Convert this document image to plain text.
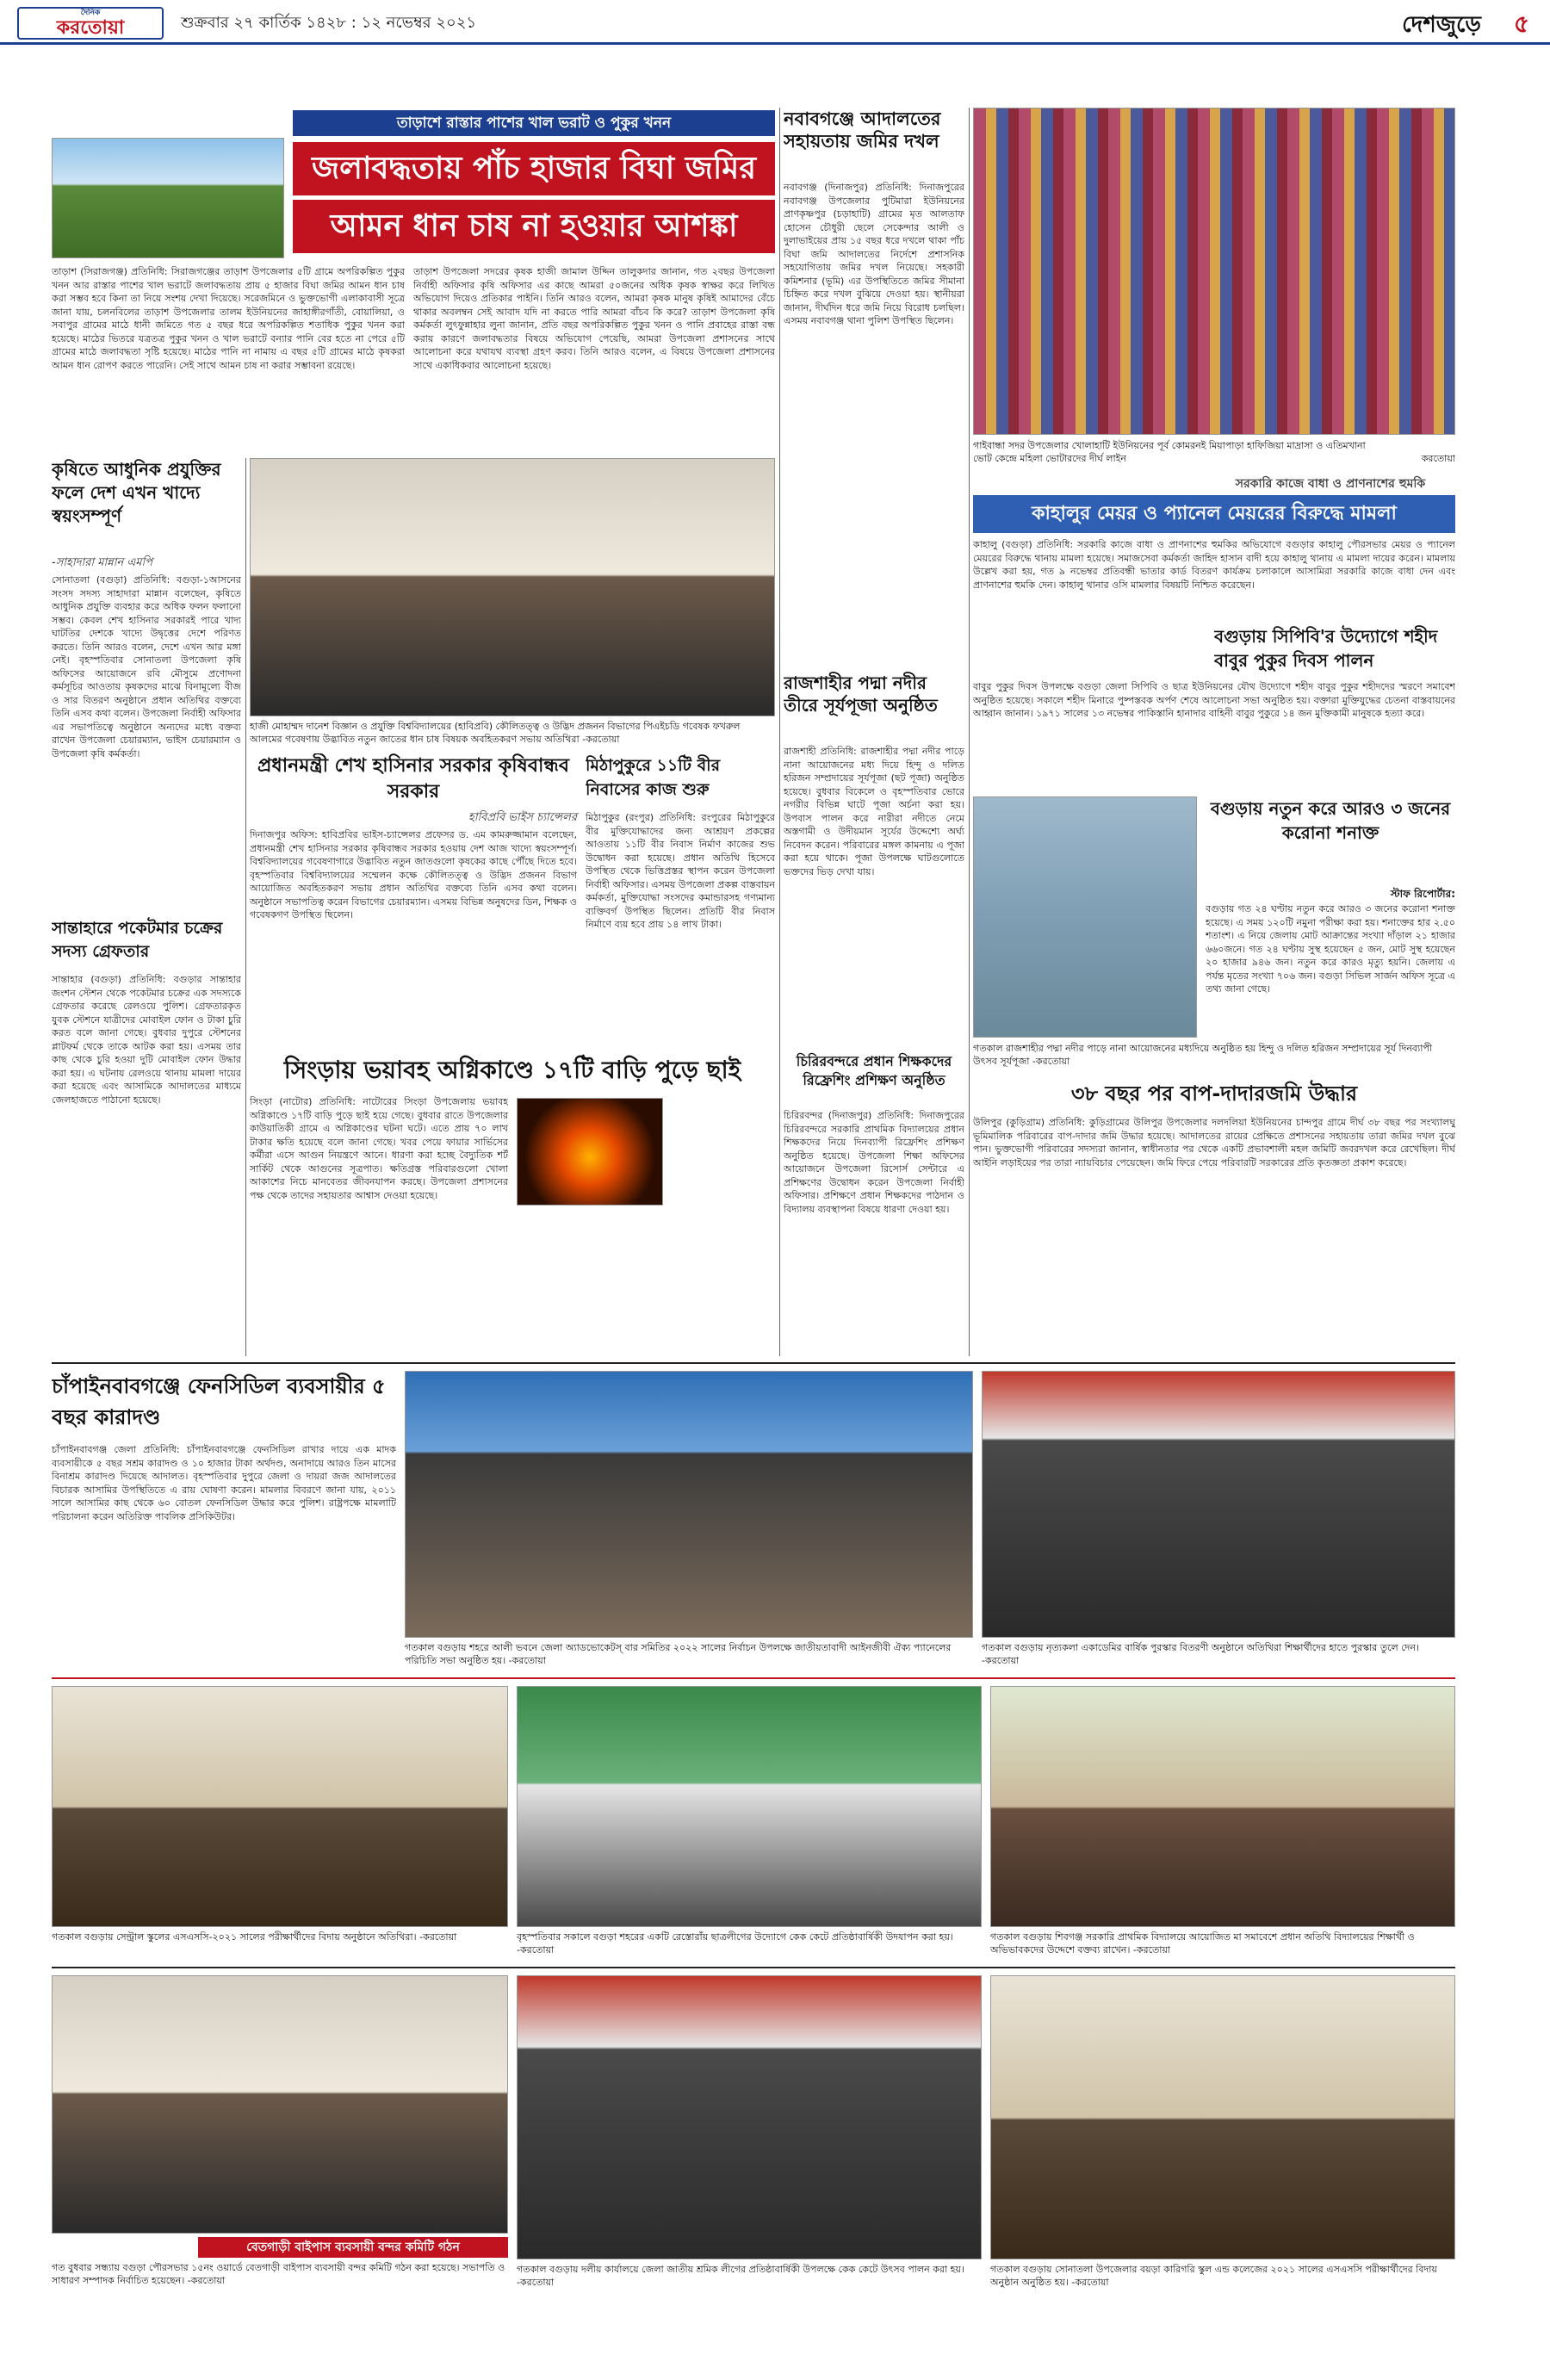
দৈনিক
করতোয়া	শুক্রবার ২৭ কার্তিক ১৪২৮ : ১২ নভেম্বর ২০২১	দেশজুড়ে ৫
তাড়াশে রাস্তার পাশের খাল ভরাট ও পুকুর খনন
জলাবদ্ধতায় পাঁচ হাজার বিঘা জমির
আমন ধান চাষ না হওয়ার আশঙ্কা
তাড়াশ (সিরাজগঞ্জ) প্রতিনিধি: সিরাজগঞ্জের তাড়াশ উপজেলার ৫টি গ্রামে অপরিকল্পিত পুকুর খনন আর রাস্তার পাশের খাল ভরাটে জলাবদ্ধতায় প্রায় ৫ হাজার বিঘা জমির আমন ধান চাষ করা সম্ভব হবে কিনা তা নিয়ে সংশয় দেখা দিয়েছে। সরেজমিনে ও ভুক্তভোগী এলাকাবাসী সূত্রে জানা যায়, চলনবিলের তাড়াশ উপজেলার তালম ইউনিয়নের জাহাঙ্গীরগাঁতী, বোয়ালিয়া, ও সবাপুর গ্রামের মাঠে ধানী জমিতে গত ৫ বছর ধরে অপরিকল্পিত শতাধিক পুকুর খনন করা হয়েছে। মাঠের ভিতরে যত্রতত্র পুকুর খনন ও খাল ভরাটে বন্যার পানি বের হতে না পেরে ৫টি গ্রামের মাঠে জলাবদ্ধতা সৃষ্টি হয়েছে। মাঠের পানি না নামায় এ বছর ৫টি গ্রামের মাঠে কৃষকরা আমন ধান রোপণ করতে পারেনি। সেই সাথে আমন চাষ না করার সম্ভাবনা রয়েছে।
তাড়াশ উপজেলা সদরের কৃষক হাজী জামাল উদ্দিন তালুকদার জানান, গত ২বছর উপজেলা নির্বাহী অফিসার কৃষি অফিসার এর কাছে আমরা ৫০জনের অধিক কৃষক স্বাক্ষর করে লিখিত অভিযোগ দিয়েও প্রতিকার পাইনি। তিনি আরও বলেন, আমরা কৃষক মানুষ কৃষিই আমাদের বেঁচে থাকার অবলম্বন সেই আবাদ যদি না করতে পারি আমরা বাঁচব কি করে? তাড়াশ উপজেলা কৃষি কর্মকর্তা লুৎফুন্নাহার লুনা জানান, প্রতি বছর অপরিকল্পিত পুকুর খনন ও পানি প্রবাহের রাস্তা বন্ধ করায় কারণে জলাবদ্ধতার বিষয়ে অভিযোগ পেয়েছি, আমরা উপজেলা প্রশাসনের সাথে আলোচনা করে যথাযথ ব্যবস্থা গ্রহণ করব। তিনি আরও বলেন, এ বিষয়ে উপজেলা প্রশাসনের সাথে একাধিকবার আলোচনা হয়েছে।
নবাবগঞ্জে আদালতের সহায়তায় জমির দখল
নবাবগঞ্জ (দিনাজপুর) প্রতিনিধি: দিনাজপুরের নবাবগঞ্জ উপজেলার পুটিমারা ইউনিয়নের প্রাণকৃষ্ণপুর (চড়াহাটি) গ্রামের মৃত আলতাফ হোসেন চৌধুরী ছেলে সেকেন্দার আলী ও দুলাভাইয়ের প্রায় ১৫ বছর ধরে দখলে থাকা পাঁচ বিঘা জমি আদালতের নির্দেশে প্রশাসনিক সহযোগিতায় জমির দখল নিয়েছে। সহকারী কমিশনার (ভূমি) এর উপস্থিতিতে জমির সীমানা চিহ্নিত করে দখল বুঝিয়ে দেওয়া হয়। স্থানীয়রা জানান, দীর্ঘদিন ধরে জমি নিয়ে বিরোধ চলছিল। এসময় নবাবগঞ্জ থানা পুলিশ উপস্থিত ছিলেন।
গাইবান্ধা সদর উপজেলার খোলাহাটি ইউনিয়নের পূর্ব কোমরনই মিয়াপাড়া হাফিজিয়া মাদ্রাসা ও এতিমখানা ভোট কেন্দ্রে মহিলা ভোটারদের দীর্ঘ লাইন	করতোয়া
সরকারি কাজে বাধা ও প্রাণনাশের হুমকি
কাহালুর মেয়র ও প্যানেল মেয়রের বিরুদ্ধে মামলা
কাহালু (বগুড়া) প্রতিনিধি: সরকারি কাজে বাধা ও প্রাণনাশের হুমকির অভিযোগে বগুড়ার কাহালু পৌরসভার মেয়র ও প্যানেল মেয়রের বিরুদ্ধে থানায় মামলা হয়েছে। সমাজসেবা কর্মকর্তা জাহিদ হাসান বাদী হয়ে কাহালু থানায় এ মামলা দায়ের করেন। মামলায় উল্লেখ করা হয়, গত ৯ নভেম্বর প্রতিবন্ধী ভাতার কার্ড বিতরণ কার্যক্রম চলাকালে আসামিরা সরকারি কাজে বাধা দেন এবং প্রাণনাশের হুমকি দেন। কাহালু থানার ওসি মামলার বিষয়টি নিশ্চিত করেছেন।
বগুড়ায় সিপিবি'র উদ্যোগে শহীদ বাবুর পুকুর দিবস পালন
বাবুর পুকুর দিবস উপলক্ষে বগুড়া জেলা সিপিবি ও ছাত্র ইউনিয়নের যৌথ উদ্যোগে শহীদ বাবুর পুকুর শহীদদের স্মরণে সমাবেশ অনুষ্ঠিত হয়েছে। সকালে শহীদ মিনারে পুষ্পস্তবক অর্পণ শেষে আলোচনা সভা অনুষ্ঠিত হয়। বক্তারা মুক্তিযুদ্ধের চেতনা বাস্তবায়নের আহ্বান জানান। ১৯৭১ সালের ১৩ নভেম্বর পাকিস্তানি হানাদার বাহিনী বাবুর পুকুরে ১৪ জন মুক্তিকামী মানুষকে হত্যা করে।
কৃষিতে আধুনিক প্রযুক্তির ফলে দেশ এখন খাদ্যে স্বয়ংসম্পূর্ণ
-সাহাদারা মান্নান এমপি
সোনাতলা (বগুড়া) প্রতিনিধি: বগুড়া-১আসনের সংসদ সদস্য সাহাদারা মান্নান বলেছেন, কৃষিতে আধুনিক প্রযুক্তি ব্যবহার করে অধিক ফলন ফলানো সম্ভব। কেবল শেখ হাসিনার সরকারই পারে খাদ্য ঘাটতির দেশকে খাদ্যে উদ্বৃত্তের দেশে পরিণত করতে। তিনি আরও বলেন, দেশে এখন আর মঙ্গা নেই। বৃহস্পতিবার সোনাতলা উপজেলা কৃষি অফিসের আয়োজনে রবি মৌসুমে প্রণোদনা কর্মসূচির আওতায় কৃষকদের মাঝে বিনামূল্যে বীজ ও সার বিতরণ অনুষ্ঠানে প্রধান অতিথির বক্তব্যে তিনি এসব কথা বলেন। উপজেলা নির্বাহী অফিসার এর সভাপতিত্বে অনুষ্ঠানে অন্যদের মধ্যে বক্তব্য রাখেন উপজেলা চেয়ারম্যান, ভাইস চেয়ারম্যান ও উপজেলা কৃষি কর্মকর্তা।
হাজী মোহাম্মদ দানেশ বিজ্ঞান ও প্রযুক্তি বিশ্ববিদ্যালয়ের (হাবিপ্রবি) কৌলিতত্ত্ব ও উদ্ভিদ প্রজনন বিভাগের পিএইচডি গবেষক ফখরুল আলমের গবেষণায় উদ্ভাবিত নতুন জাতের ধান চাষ বিষয়ক অবহিতকরণ সভায় অতিথিরা -করতোয়া
প্রধানমন্ত্রী শেখ হাসিনার সরকার কৃষিবান্ধব সরকার
হাবিপ্রবি ভাইস চ্যান্সেলর
দিনাজপুর অফিস: হাবিপ্রবির ভাইস-চ্যান্সেলর প্রফেসর ড. এম কামরুজ্জামান বলেছেন, প্রধানমন্ত্রী শেখ হাসিনার সরকার কৃষিবান্ধব সরকার হওয়ায় দেশ আজ খাদ্যে স্বয়ংসম্পূর্ণ। বিশ্ববিদ্যালয়ের গবেষণাগারে উদ্ভাবিত নতুন জাতগুলো কৃষকের কাছে পৌঁছে দিতে হবে। বৃহস্পতিবার বিশ্ববিদ্যালয়ের সম্মেলন কক্ষে কৌলিতত্ত্ব ও উদ্ভিদ প্রজনন বিভাগ আয়োজিত অবহিতকরণ সভায় প্রধান অতিথির বক্তব্যে তিনি এসব কথা বলেন। অনুষ্ঠানে সভাপতিত্ব করেন বিভাগের চেয়ারম্যান। এসময় বিভিন্ন অনুষদের ডিন, শিক্ষক ও গবেষকগণ উপস্থিত ছিলেন।
মিঠাপুকুরে ১১টি বীর নিবাসের কাজ শুরু
মিঠাপুকুর (রংপুর) প্রতিনিধি: রংপুরের মিঠাপুকুরে বীর মুক্তিযোদ্ধাদের জন্য আশ্রয়ণ প্রকল্পের আওতায় ১১টি বীর নিবাস নির্মাণ কাজের শুভ উদ্বোধন করা হয়েছে। প্রধান অতিথি হিসেবে উপস্থিত থেকে ভিত্তিপ্রস্তর স্থাপন করেন উপজেলা নির্বাহী অফিসার। এসময় উপজেলা প্রকল্প বাস্তবায়ন কর্মকর্তা, মুক্তিযোদ্ধা সংসদের কমান্ডারসহ গণ্যমান্য ব্যক্তিবর্গ উপস্থিত ছিলেন। প্রতিটি বীর নিবাস নির্মাণে ব্যয় হবে প্রায় ১৪ লাখ টাকা।
রাজশাহীর পদ্মা নদীর তীরে সূর্যপূজা অনুষ্ঠিত
রাজশাহী প্রতিনিধি: রাজশাহীর পদ্মা নদীর পাড়ে নানা আয়োজনের মধ্য দিয়ে হিন্দু ও দলিত হরিজন সম্প্রদায়ের সূর্যপূজা (ছট পূজা) অনুষ্ঠিত হয়েছে। বুধবার বিকেলে ও বৃহস্পতিবার ভোরে নগরীর বিভিন্ন ঘাটে পূজা অর্চনা করা হয়। উপবাস পালন করে নারীরা নদীতে নেমে অস্তগামী ও উদীয়মান সূর্যের উদ্দেশ্যে অর্ঘ্য নিবেদন করেন। পরিবারের মঙ্গল কামনায় এ পূজা করা হয়ে থাকে। পূজা উপলক্ষে ঘাটগুলোতে ভক্তদের ভিড় দেখা যায়।
গতকাল রাজশাহীর পদ্মা নদীর পাড়ে নানা আয়োজনের মধ্যদিয়ে অনুষ্ঠিত হয় হিন্দু ও দলিত হরিজন সম্প্রদায়ের সূর্য দিনব্যাপী উৎসব সূর্যপূজা -করতোয়া
বগুড়ায় নতুন করে আরও ৩ জনের করোনা শনাক্ত
স্টাফ রিপোর্টার:
বগুড়ায় গত ২৪ ঘণ্টায় নতুন করে আরও ৩ জনের করোনা শনাক্ত হয়েছে। এ সময় ১২০টি নমুনা পরীক্ষা করা হয়। শনাক্তের হার ২.৫০ শতাংশ। এ নিয়ে জেলায় মোট আক্রান্তের সংখ্যা দাঁড়াল ২১ হাজার ৬৬০জনে। গত ২৪ ঘণ্টায় সুস্থ হয়েছেন ৫ জন, মোট সুস্থ হয়েছেন ২০ হাজার ৯৪৬ জন। নতুন করে কারও মৃত্যু হয়নি। জেলায় এ পর্যন্ত মৃতের সংখ্যা ৭০৬ জন। বগুড়া সিভিল সার্জন অফিস সূত্রে এ তথ্য জানা গেছে।
সান্তাহারে পকেটমার চক্রের সদস্য গ্রেফতার
সান্তাহার (বগুড়া) প্রতিনিধি: বগুড়ার সান্তাহার জংশন স্টেশন থেকে পকেটমার চক্রের এক সদস্যকে গ্রেফতার করেছে রেলওয়ে পুলিশ। গ্রেফতারকৃত যুবক স্টেশনে যাত্রীদের মোবাইল ফোন ও টাকা চুরি করত বলে জানা গেছে। বুধবার দুপুরে স্টেশনের প্লাটফর্ম থেকে তাকে আটক করা হয়। এসময় তার কাছ থেকে চুরি হওয়া দুটি মোবাইল ফোন উদ্ধার করা হয়। এ ঘটনায় রেলওয়ে থানায় মামলা দায়ের করা হয়েছে এবং আসামিকে আদালতের মাধ্যমে জেলহাজতে পাঠানো হয়েছে।
সিংড়ায় ভয়াবহ অগ্নিকাণ্ডে ১৭টি বাড়ি পুড়ে ছাই
সিংড়া (নাটোর) প্রতিনিধি: নাটোরের সিংড়া উপজেলায় ভয়াবহ অগ্নিকাণ্ডে ১৭টি বাড়ি পুড়ে ছাই হয়ে গেছে। বুধবার রাতে উপজেলার কাউয়াতিকী গ্রামে এ অগ্নিকাণ্ডের ঘটনা ঘটে। এতে প্রায় ৭০ লাখ টাকার ক্ষতি হয়েছে বলে জানা গেছে। খবর পেয়ে ফায়ার সার্ভিসের কর্মীরা এসে আগুন নিয়ন্ত্রণে আনে। ধারণা করা হচ্ছে বৈদ্যুতিক শর্ট সার্কিট থেকে আগুনের সূত্রপাত। ক্ষতিগ্রস্ত পরিবারগুলো খোলা আকাশের নিচে মানবেতর জীবনযাপন করছে। উপজেলা প্রশাসনের পক্ষ থেকে তাদের সহায়তার আশ্বাস দেওয়া হয়েছে।
চিরিরবন্দরে প্রধান শিক্ষকদের রিফ্রেশিং প্রশিক্ষণ অনুষ্ঠিত
চিরিরবন্দর (দিনাজপুর) প্রতিনিধি: দিনাজপুরের চিরিরবন্দরে সরকারি প্রাথমিক বিদ্যালয়ের প্রধান শিক্ষকদের নিয়ে দিনব্যাপী রিফ্রেশিং প্রশিক্ষণ অনুষ্ঠিত হয়েছে। উপজেলা শিক্ষা অফিসের আয়োজনে উপজেলা রিসোর্স সেন্টারে এ প্রশিক্ষণের উদ্বোধন করেন উপজেলা নির্বাহী অফিসার। প্রশিক্ষণে প্রধান শিক্ষকদের পাঠদান ও বিদ্যালয় ব্যবস্থাপনা বিষয়ে ধারণা দেওয়া হয়।
৩৮ বছর পর বাপ-দাদারজমি উদ্ধার
উলিপুর (কুড়িগ্রাম) প্রতিনিধি: কুড়িগ্রামের উলিপুর উপজেলার দলদলিয়া ইউনিয়নের চান্দপুর গ্রামে দীর্ঘ ৩৮ বছর পর সংখ্যালঘু ভূমিমালিক পরিবারের বাপ-দাদার জমি উদ্ধার হয়েছে। আদালতের রায়ের প্রেক্ষিতে প্রশাসনের সহায়তায় তারা জমির দখল বুঝে পান। ভুক্তভোগী পরিবারের সদস্যরা জানান, স্বাধীনতার পর থেকে একটি প্রভাবশালী মহল জমিটি জবরদখল করে রেখেছিল। দীর্ঘ আইনি লড়াইয়ের পর তারা ন্যায়বিচার পেয়েছেন। জমি ফিরে পেয়ে পরিবারটি সরকারের প্রতি কৃতজ্ঞতা প্রকাশ করেছে।
চাঁপাইনবাবগঞ্জে ফেনসিডিল ব্যবসায়ীর ৫ বছর কারাদণ্ড
চাঁপাইনবাবগঞ্জ জেলা প্রতিনিধি: চাঁপাইনবাবগঞ্জে ফেনসিডিল রাখার দায়ে এক মাদক ব্যবসায়ীকে ৫ বছর সশ্রম কারাদণ্ড ও ১০ হাজার টাকা অর্থদণ্ড, অনাদায়ে আরও তিন মাসের বিনাশ্রম কারাদণ্ড দিয়েছে আদালত। বৃহস্পতিবার দুপুরে জেলা ও দায়রা জজ আদালতের বিচারক আসামির উপস্থিতিতে এ রায় ঘোষণা করেন। মামলার বিবরণে জানা যায়, ২০১১ সালে আসামির কাছ থেকে ৬০ বোতল ফেনসিডিল উদ্ধার করে পুলিশ। রাষ্ট্রপক্ষে মামলাটি পরিচালনা করেন অতিরিক্ত পাবলিক প্রসিকিউটর।
গতকাল বগুড়ায় শহরে আলী ভবনে জেলা অ্যাডভোকেটস্ বার সমিতির ২০২২ সালের নির্বাচন উপলক্ষে জাতীয়তাবাদী আইনজীবী ঐক্য প্যানেলের পরিচিতি সভা অনুষ্ঠিত হয়। -করতোয়া
গতকাল বগুড়ায় নৃত্যকলা একাডেমির বার্ষিক পুরস্কার বিতরণী অনুষ্ঠানে অতিথিরা শিক্ষার্থীদের হাতে পুরস্কার তুলে দেন। -করতোয়া
গতকাল বগুড়ায় সেন্ট্রাল স্কুলের এসএসসি-২০২১ সালের পরীক্ষার্থীদের বিদায় অনুষ্ঠানে অতিথিরা। -করতোয়া	বৃহস্পতিবার সকালে বগুড়া শহরের একটি রেস্তোরাঁয় ছাত্রলীগের উদ্যোগে কেক কেটে প্রতিষ্ঠাবার্ষিকী উদযাপন করা হয়। -করতোয়া
গতকাল বগুড়ায় শিবগঞ্জ সরকারি প্রাথমিক বিদ্যালয়ে আয়োজিত মা সমাবেশে প্রধান অতিথি বিদ্যালয়ের শিক্ষার্থী ও অভিভাবকদের উদ্দেশে বক্তব্য রাখেন। -করতোয়া
বেতগাড়ী বাইপাস ব্যবসায়ী বন্দর কমিটি গঠন
গত বুধবার সন্ধ্যায় বগুড়া পৌরসভার ১৫নং ওয়ার্ডে বেতগাড়ী বাইপাস ব্যবসায়ী বন্দর কমিটি গঠন করা হয়েছে। সভাপতি ও সাধারণ সম্পাদক নির্বাচিত হয়েছেন। -করতোয়া
গতকাল বগুড়ায় দলীয় কার্যালয়ে জেলা জাতীয় শ্রমিক লীগের প্রতিষ্ঠাবার্ষিকী উপলক্ষে কেক কেটে উৎসব পালন করা হয়। -করতোয়া
গতকাল বগুড়ায় সোনাতলা উপজেলার বয়ড়া কারিগরি স্কুল এন্ড কলেজের ২০২১ সালের এসএসসি পরীক্ষার্থীদের বিদায় অনুষ্ঠান অনুষ্ঠিত হয়। -করতোয়া
